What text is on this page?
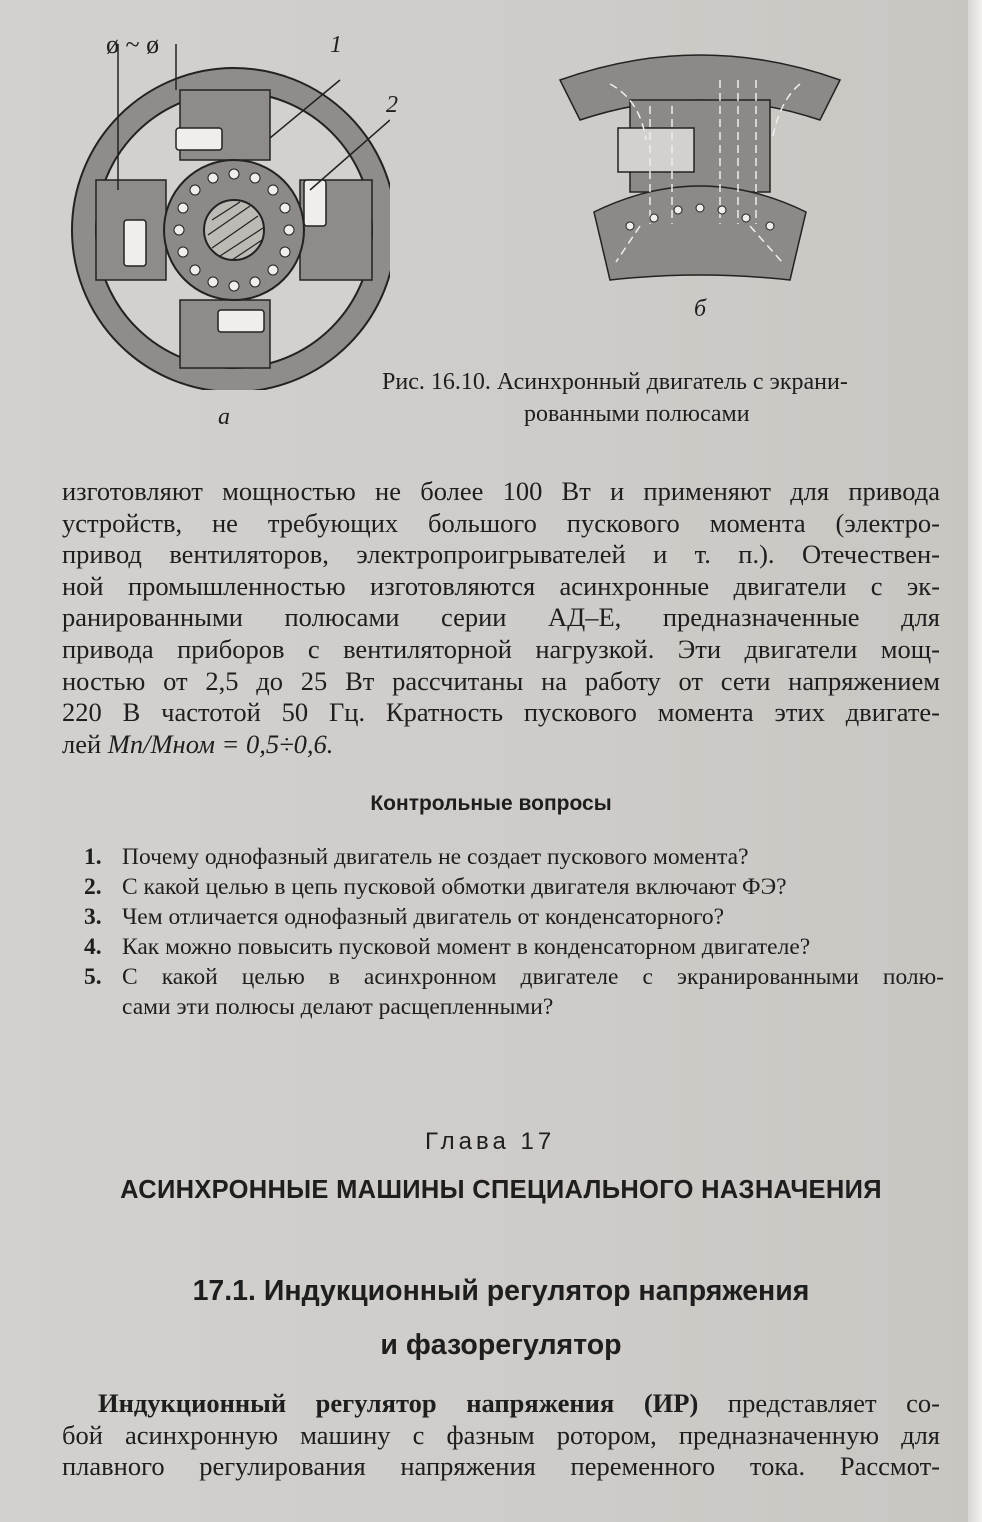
ø ~ ø	1
2
а
б
Рис. 16.10. Асинхронный двигатель с экрани-
рованными полюсами
изготовляют мощностью не более 100 Вт и применяют для привода
устройств, не требующих большого пускового момента (электро-
привод вентиляторов, электропроигрывателей и т. п.). Отечествен-
ной промышленностью изготовляются асинхронные двигатели с эк-
ранированными полюсами серии АД–Е, предназначенные для
привода приборов с вентиляторной нагрузкой. Эти двигатели мощ-
ностью от 2,5 до 25 Вт рассчитаны на работу от сети напряжением
220 В частотой 50 Гц. Кратность пускового момента этих двигате-
лей Mп/Mном = 0,5÷0,6.
Контрольные вопросы
1. Почему однофазный двигатель не создает пускового момента?
2. С какой целью в цепь пусковой обмотки двигателя включают ФЭ?
3. Чем отличается однофазный двигатель от конденсаторного?
4. Как можно повысить пусковой момент в конденсаторном двигателе?
5. С какой целью в асинхронном двигателе с экранированными полю-
сами эти полюсы делают расщепленными?
Глава 17
АСИНХРОННЫЕ МАШИНЫ СПЕЦИАЛЬНОГО НАЗНАЧЕНИЯ
17.1. Индукционный регулятор напряжения
и фазорегулятор
Индукционный регулятор напряжения (ИР) представляет со-
бой асинхронную машину с фазным ротором, предназначенную для
плавного регулирования напряжения переменного тока. Рассмот-
